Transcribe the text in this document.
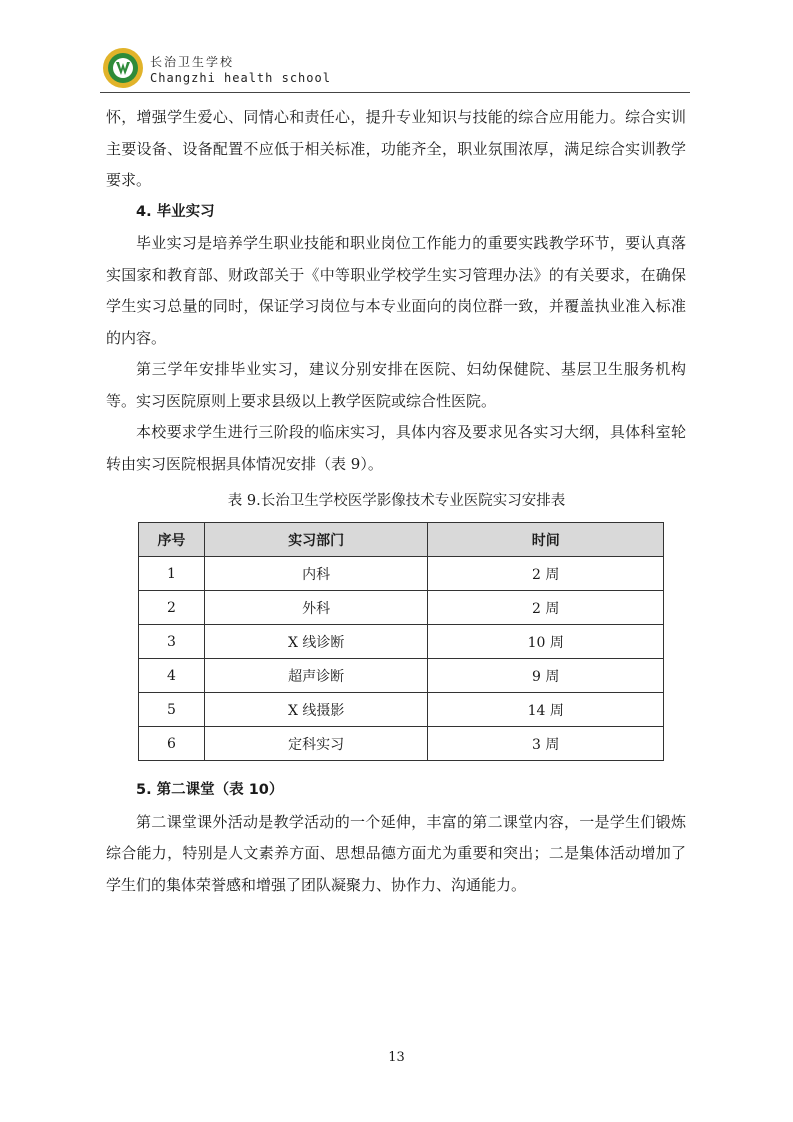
长治卫生学校
Changzhi health school

怀，增强学生爱心、同情心和责任心，提升专业知识与技能的综合应用能力。综合实训主要设备、设备配置不应低于相关标准，功能齐全，职业氛围浓厚，满足综合实训教学要求。

4. 毕业实习

毕业实习是培养学生职业技能和职业岗位工作能力的重要实践教学环节，要认真落实国家和教育部、财政部关于《中等职业学校学生实习管理办法》的有关要求，在确保学生实习总量的同时，保证学习岗位与本专业面向的岗位群一致，并覆盖执业准入标准的内容。

第三学年安排毕业实习，建议分别安排在医院、妇幼保健院、基层卫生服务机构等。实习医院原则上要求县级以上教学医院或综合性医院。

本校要求学生进行三阶段的临床实习，具体内容及要求见各实习大纲，具体科室轮转由实习医院根据具体情况安排（表 9）。

表 9.长治卫生学校医学影像技术专业医院实习安排表
序号	实习部门	时间
1	内科	2 周
2	外科	2 周
3	X 线诊断	10 周
4	超声诊断	9 周
5	X 线摄影	14 周
6	定科实习	3 周

5. 第二课堂（表 10）

第二课堂课外活动是教学活动的一个延伸，丰富的第二课堂内容，一是学生们锻炼综合能力，特别是人文素养方面、思想品德方面尤为重要和突出；二是集体活动增加了学生们的集体荣誉感和增强了团队凝聚力、协作力、沟通能力。

13
